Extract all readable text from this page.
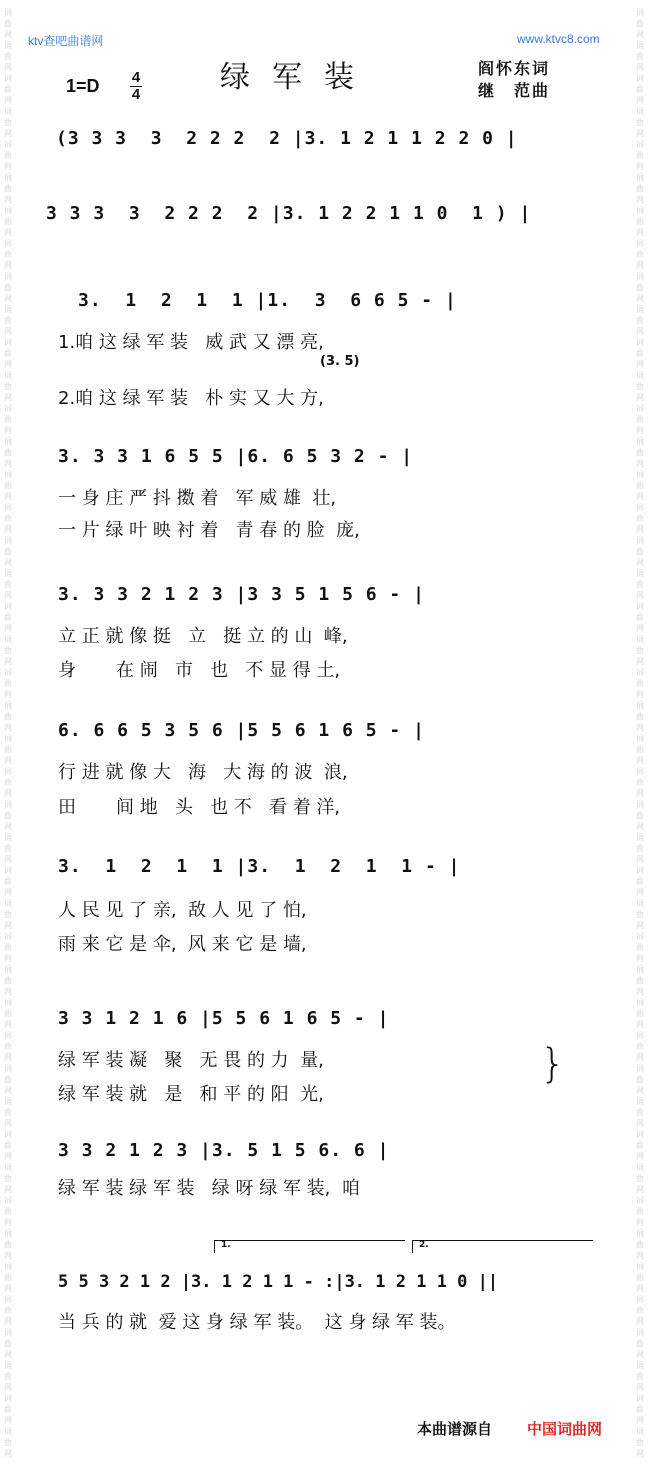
词
曲
网
词
曲
网
词
曲
网
词
曲
网
词
曲
网
词
曲
网
词
曲
网
词
曲
网
词
曲
网
词
曲
网
词
曲
网
词
曲
网
词
曲
网
词
曲
网
词
曲
网
词
曲
网
词
曲
网
词
曲
网
词
曲
网
词
曲
网
词
曲
网
词
曲
网
词
曲
网
词
曲
网
词
曲
网
词
曲
网
词
曲
网
词
曲
网
词
曲
网
词
曲
网
词
曲
网
词
曲
网
词
曲
网
词
曲
网
词
曲
网
词
曲
网
词
曲
网
词
曲
网
词
曲
网
词
曲
网
词
曲
网
词
曲
网
词
曲
网
词
曲
网
词
曲
网
词
曲
网
词
曲
网
词
曲
网
词
曲
网
词
曲
网
词
曲
网
词
曲
网
词
曲
网
词
曲
网
词
曲
网
词
曲
网
词
曲
网
词
曲
网
词
曲
网
词
曲
网
词
曲
网
词
曲
网
词
曲
网
词
曲
网
词
曲
网
词
曲
网
词
曲
网
词
曲
网
词
曲
网
词
曲
网
词
曲
网
词
曲
网
词
曲
网
词
曲
网
词
曲
网
词
曲
网
词
曲
网
词
曲
网
词
曲
网
词
曲
网
词
曲
网
词
曲
网
词
曲
网
词
曲
网
词
曲
网
词
曲
网
词
曲
网
词
曲
网
ktv查吧曲谱网	www.ktvc8.com
1=D 4
4	绿军装	阎怀东词
继　范曲
(3 3 3  3  2 2 2  2 |3. 1 2 1 1 2 2 0 |
3 3 3  3  2 2 2  2 |3. 1 2 2 1 1 0  1 ) |
3.  1  2  1  1 |1.  3  6 6 5 - |
1.咱 这 绿 军 装   威 武 又 漂 亮,
(3. 5)
2.咱 这 绿 军 装   朴 实 又 大 方,
3. 3 3 1 6 5 5 |6. 6 5 3 2 - |
一 身 庄 严 抖 擞 着   军 威 雄  壮,
一 片 绿 叶 映 衬 着   青 春 的 脸  庞,
3. 3 3 2 1 2 3 |3 3 5 1 5 6 - |
立 正 就 像 挺   立   挺 立 的 山  峰,
身       在 闹   市   也   不 显 得 土,
6. 6 6 5 3 5 6 |5 5 6 1 6 5 - |
行 进 就 像 大   海   大 海 的 波  浪,
田       间 地   头   也 不   看 着 洋,
3.  1  2  1  1 |3.  1  2  1  1 - |
人 民 见 了 亲,  敌 人 见 了 怕,
雨 来 它 是 伞,  风 来 它 是 墙,
3 3 1 2 1 6 |5 5 6 1 6 5 - |
绿 军 装 凝   聚   无 畏 的 力  量,
绿 军 装 就   是   和 平 的 阳  光,
}
3 3 2 1 2 3 |3. 5 1 5 6. 6 |
绿 军 装 绿 军 装   绿 呀 绿 军 装,  咱
1.	2.
5 5 3 2 1 2 |3. 1 2 1 1 - :|3. 1 2 1 1 0 ||
当 兵 的 就  爱 这 身 绿 军 装。  这 身 绿 军 装。
本曲谱源自 中国词曲网
